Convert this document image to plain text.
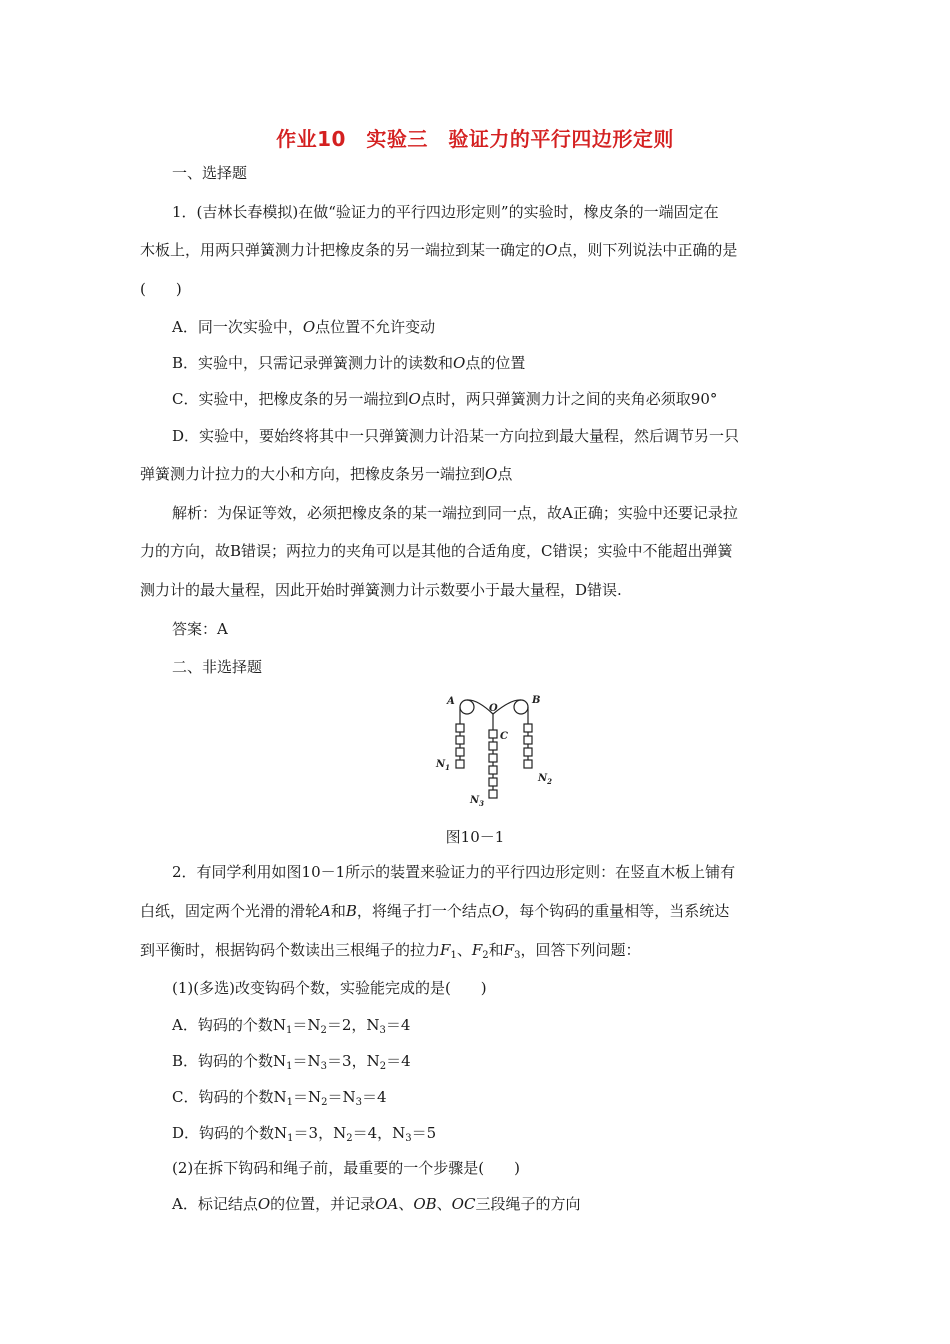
作业10　实验三　验证力的平行四边形定则
一、选择题
1．(吉林长春模拟)在做“验证力的平行四边形定则”的实验时，橡皮条的一端固定在
木板上，用两只弹簧测力计把橡皮条的另一端拉到某一确定的O点，则下列说法中正确的是
(　　)
A．同一次实验中，O点位置不允许变动
B．实验中，只需记录弹簧测力计的读数和O点的位置
C．实验中，把橡皮条的另一端拉到O点时，两只弹簧测力计之间的夹角必须取90°
D．实验中，要始终将其中一只弹簧测力计沿某一方向拉到最大量程，然后调节另一只
弹簧测力计拉力的大小和方向，把橡皮条另一端拉到O点
解析：为保证等效，必须把橡皮条的某一端拉到同一点，故A正确；实验中还要记录拉
力的方向，故B错误；两拉力的夹角可以是其他的合适角度，C错误；实验中不能超出弹簧
测力计的最大量程，因此开始时弹簧测力计示数要小于最大量程，D错误.
答案：A
二、非选择题
A	B
O
C
$N_1$
$N_2$
$N_3$
图10－1
2．有同学利用如图10－1所示的装置来验证力的平行四边形定则：在竖直木板上铺有
白纸，固定两个光滑的滑轮A和B，将绳子打一个结点O，每个钩码的重量相等，当系统达
到平衡时，根据钩码个数读出三根绳子的拉力$F_1$、$F_2$和$F_3$，回答下列问题：
(1)(多选)改变钩码个数，实验能完成的是(　　)
A．钩码的个数$N_1=N_2=2$，$N_3=4$
B．钩码的个数$N_1=N_3=3$，$N_2=4$
C．钩码的个数$N_1=N_2=N_3=4$
D．钩码的个数$N_1=3$，$N_2=4$，$N_3=5$
(2)在拆下钩码和绳子前，最重要的一个步骤是(　　)
A．标记结点O的位置，并记录OA、OB、OC三段绳子的方向
